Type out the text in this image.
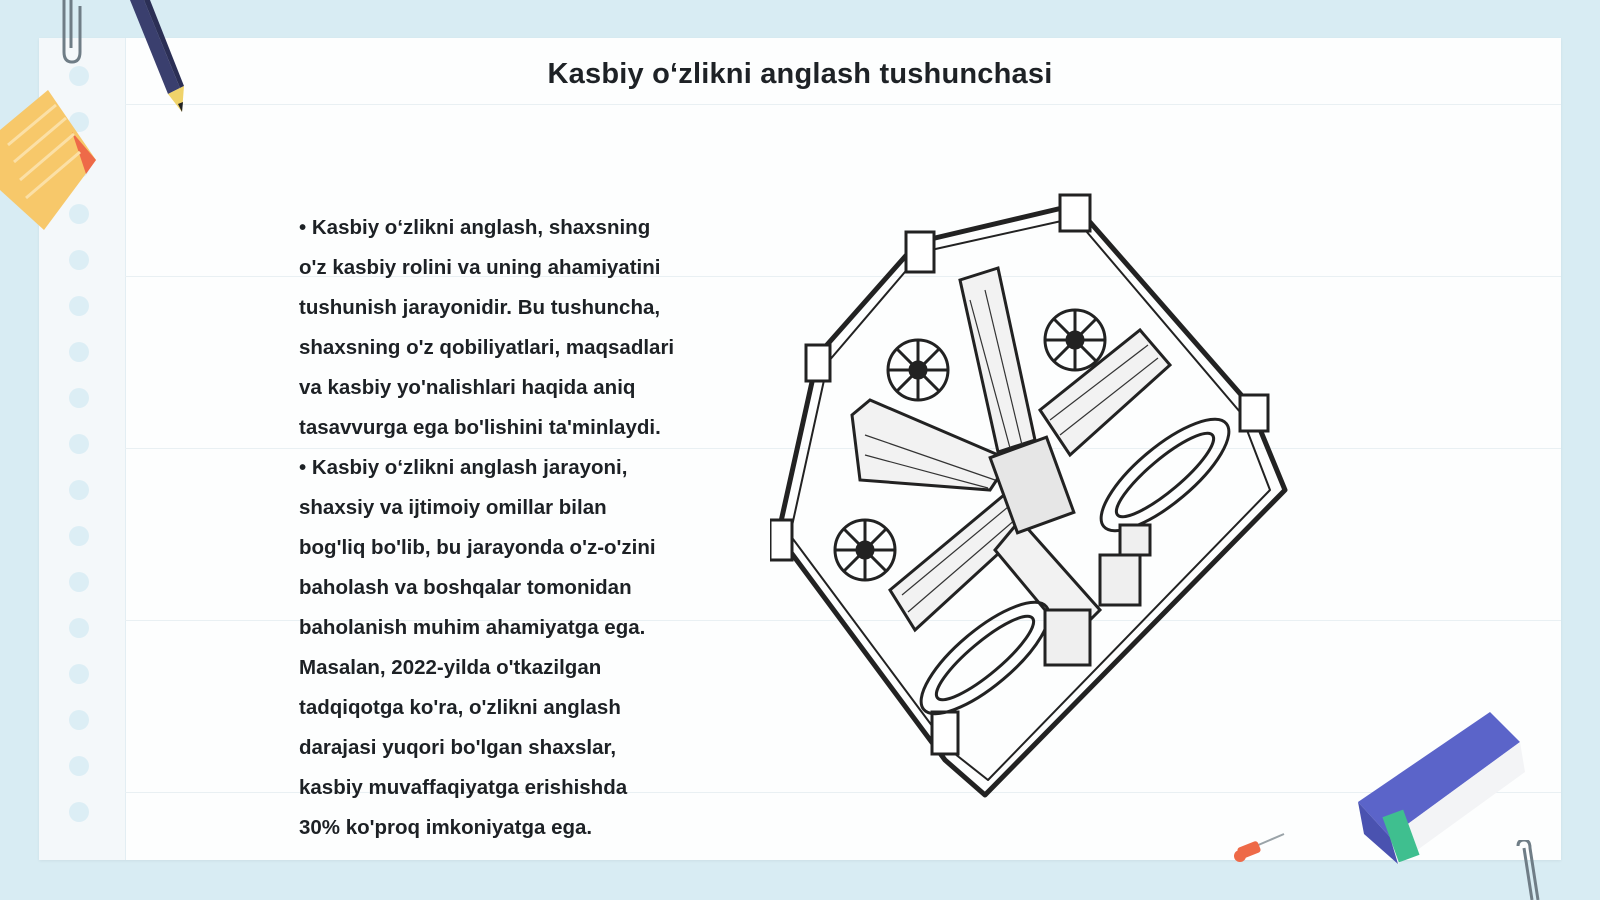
Kasbiy o‘zlikni anglash tushunchasi
• Kasbiy o‘zlikni anglash, shaxsning
o'z kasbiy rolini va uning ahamiyatini
tushunish jarayonidir. Bu tushuncha,
shaxsning o'z qobiliyatlari, maqsadlari
va kasbiy yo'nalishlari haqida aniq
tasavvurga ega bo'lishini ta'minlaydi.
• Kasbiy o‘zlikni anglash jarayoni,
shaxsiy va ijtimoiy omillar bilan
bog'liq bo'lib, bu jarayonda o'z-o'zini
baholash va boshqalar tomonidan
baholanish muhim ahamiyatga ega.
Masalan, 2022-yilda o'tkazilgan
tadqiqotga ko'ra, o'zlikni anglash
darajasi yuqori bo'lgan shaxslar,
kasbiy muvaffaqiyatga erishishda
30% ko'proq imkoniyatga ega.
